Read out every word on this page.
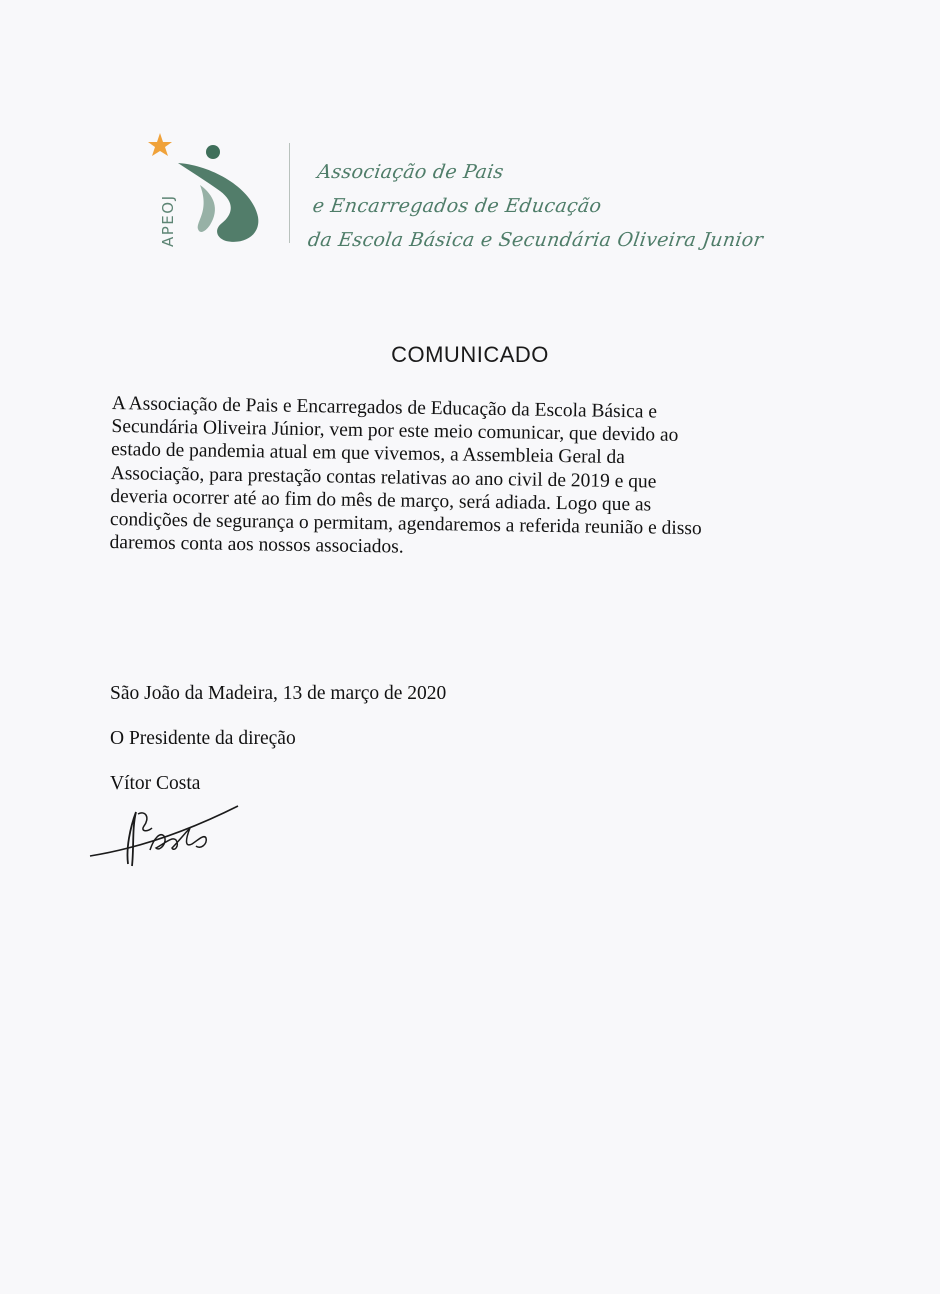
APEOJ
Associação de Pais
e Encarregados de Educação
da Escola Básica e Secundária Oliveira Junior
COMUNICADO

A Associação de Pais e Encarregados de Educação da Escola Básica e

Secundária Oliveira Júnior, vem por este meio comunicar, que devido ao

estado de pandemia atual em que vivemos, a Assembleia Geral da

Associação, para prestação contas relativas ao ano civil de 2019 e que

deveria ocorrer até ao fim do mês de março, será adiada. Logo que as

condições de segurança o permitam, agendaremos a referida reunião e disso

daremos conta aos nossos associados.

São João da Madeira, 13 de março de 2020
O Presidente da direção
Vítor Costa
